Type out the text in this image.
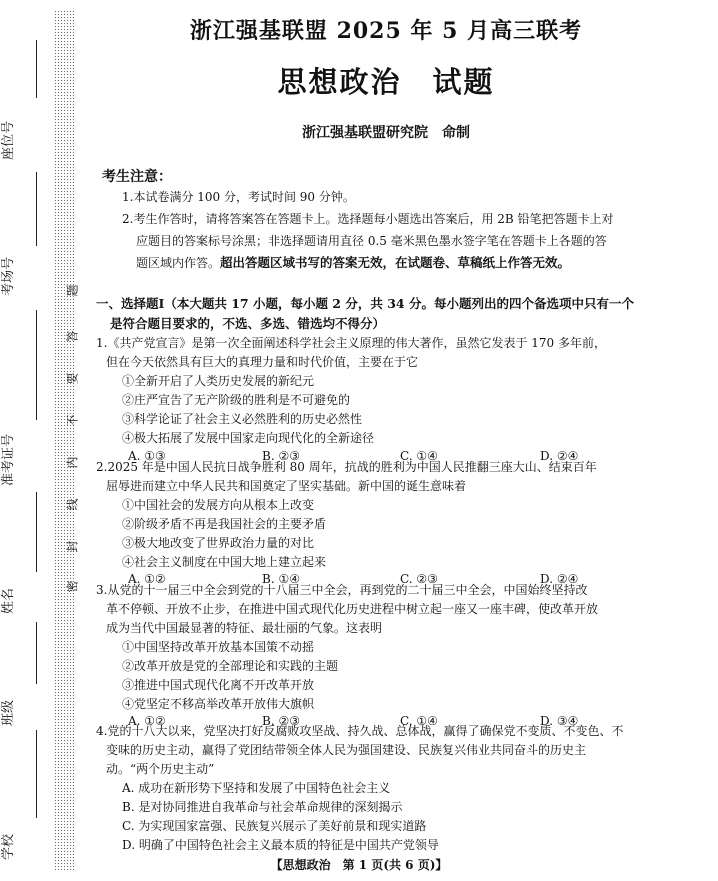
座位号
考场号
准考证号
姓名
班级
学校
题
答
要
不
内
线
封
密
浙江强基联盟 2025 年 5 月高三联考
思想政治　试题
浙江强基联盟研究院　命制
考生注意：
1.本试卷满分 100 分，考试时间 90 分钟。
2.考生作答时，请将答案答在答题卡上。选择题每小题选出答案后，用 2B 铅笔把答题卡上对
应题目的答案标号涂黑；非选择题请用直径 0.5 毫米黑色墨水签字笔在答题卡上各题的答
题区域内作答。超出答题区域书写的答案无效，在试题卷、草稿纸上作答无效。
一、选择题Ⅰ（本大题共 17 小题，每小题 2 分，共 34 分。每小题列出的四个备选项中只有一个
是符合题目要求的，不选、多选、错选均不得分）
1.《共产党宣言》是第一次全面阐述科学社会主义原理的伟大著作，虽然它发表于 170 多年前，
但在今天依然具有巨大的真理力量和时代价值，主要在于它
①全新开启了人类历史发展的新纪元
②庄严宣告了无产阶级的胜利是不可避免的
③科学论证了社会主义必然胜利的历史必然性
④极大拓展了发展中国家走向现代化的全新途径
A. ①③	B. ②③	C. ①④	D. ②④
2.2025 年是中国人民抗日战争胜利 80 周年，抗战的胜利为中国人民推翻三座大山、结束百年
屈辱进而建立中华人民共和国奠定了坚实基础。新中国的诞生意味着
①中国社会的发展方向从根本上改变
②阶级矛盾不再是我国社会的主要矛盾
③极大地改变了世界政治力量的对比
④社会主义制度在中国大地上建立起来
A. ①②	B. ①④	C. ②③	D. ②④
3.从党的十一届三中全会到党的十八届三中全会，再到党的二十届三中全会，中国始终坚持改
革不停顿、开放不止步，在推进中国式现代化历史进程中树立起一座又一座丰碑，使改革开放
成为当代中国最显著的特征、最壮丽的气象。这表明
①中国坚持改革开放基本国策不动摇
②改革开放是党的全部理论和实践的主题
③推进中国式现代化离不开改革开放
④党坚定不移高举改革开放伟大旗帜
A. ①②	B. ②③	C. ①④	D. ③④
4.党的十八大以来，党坚决打好反腐败攻坚战、持久战、总体战，赢得了确保党不变质、不变色、不
变味的历史主动，赢得了党团结带领全体人民为强国建设、民族复兴伟业共同奋斗的历史主
动。“两个历史主动”
A. 成功在新形势下坚持和发展了中国特色社会主义
B. 是对协同推进自我革命与社会革命规律的深刻揭示
C. 为实现国家富强、民族复兴展示了美好前景和现实道路
D. 明确了中国特色社会主义最本质的特征是中国共产党领导
【思想政治　第 1 页(共 6 页)】
